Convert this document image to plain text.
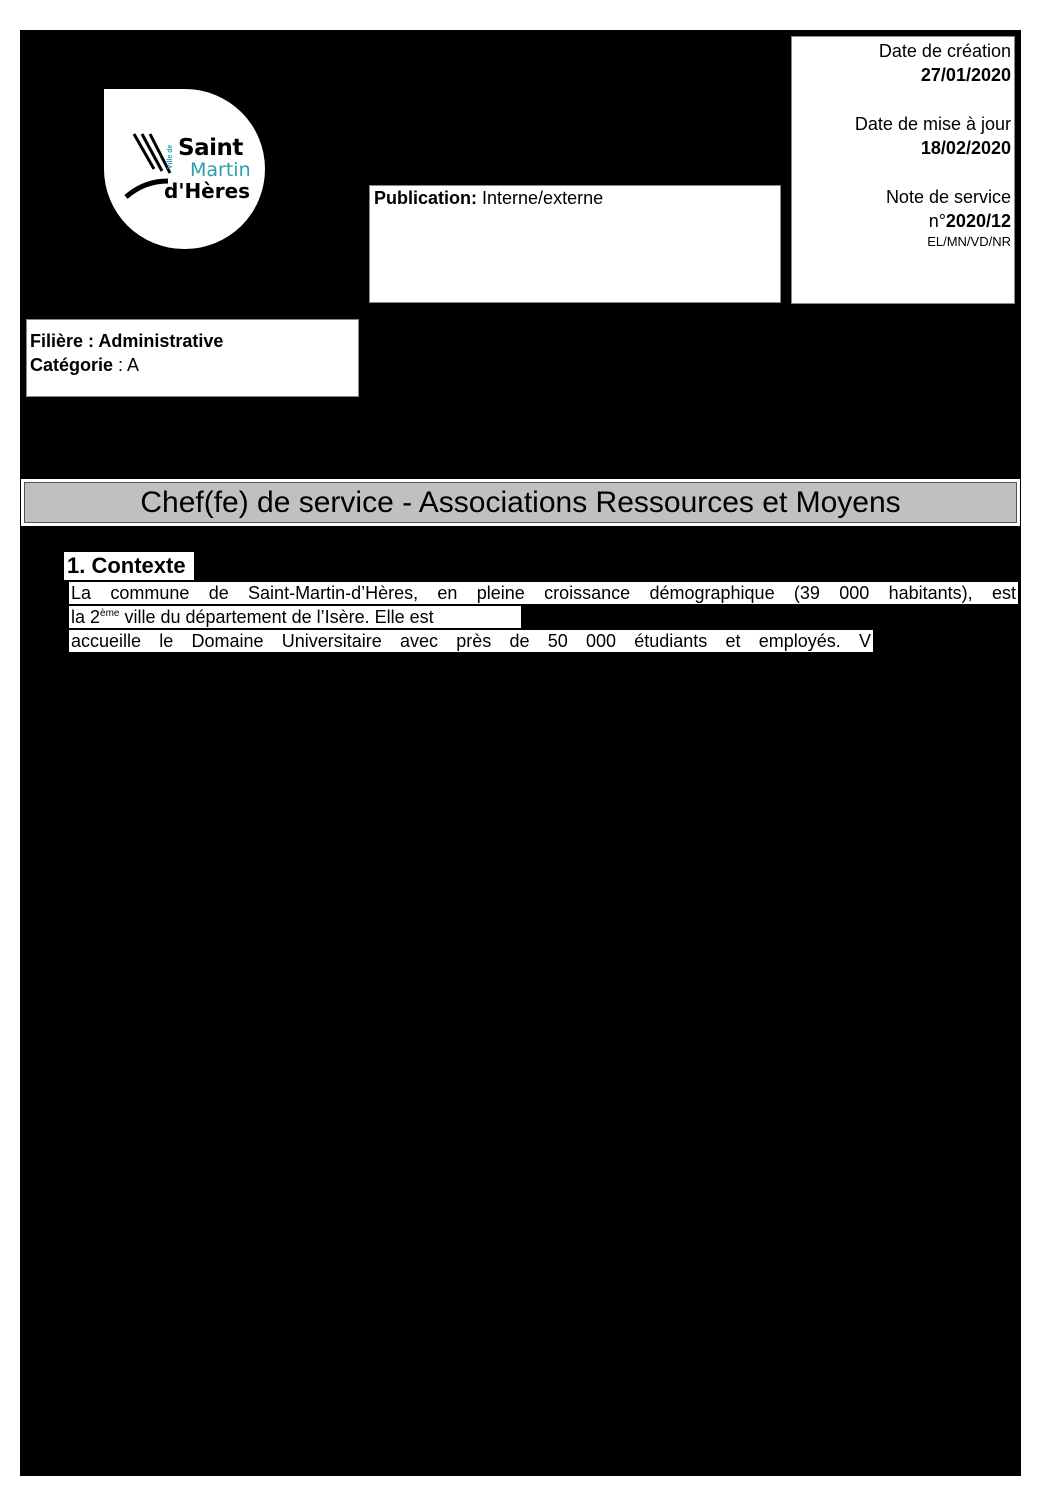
Ville de Saint
Martin
d'Hères	Publication: Interne/externe
Date de création
27/01/2020
Date de mise à jour
18/02/2020
Note de service
n°2020/12
EL/MN/VD/NR
Filière : Administrative
Catégorie : A
Chef(fe) de service - Associations Ressources et Moyens
1. Contexte
La commune de Saint-Martin-d’Hères, en pleine croissance démographique (39 000 habitants), est
la 2ème ville du département de l’Isère. Elle est
accueille le Domaine Universitaire avec près de 50 000 étudiants et employés. V
